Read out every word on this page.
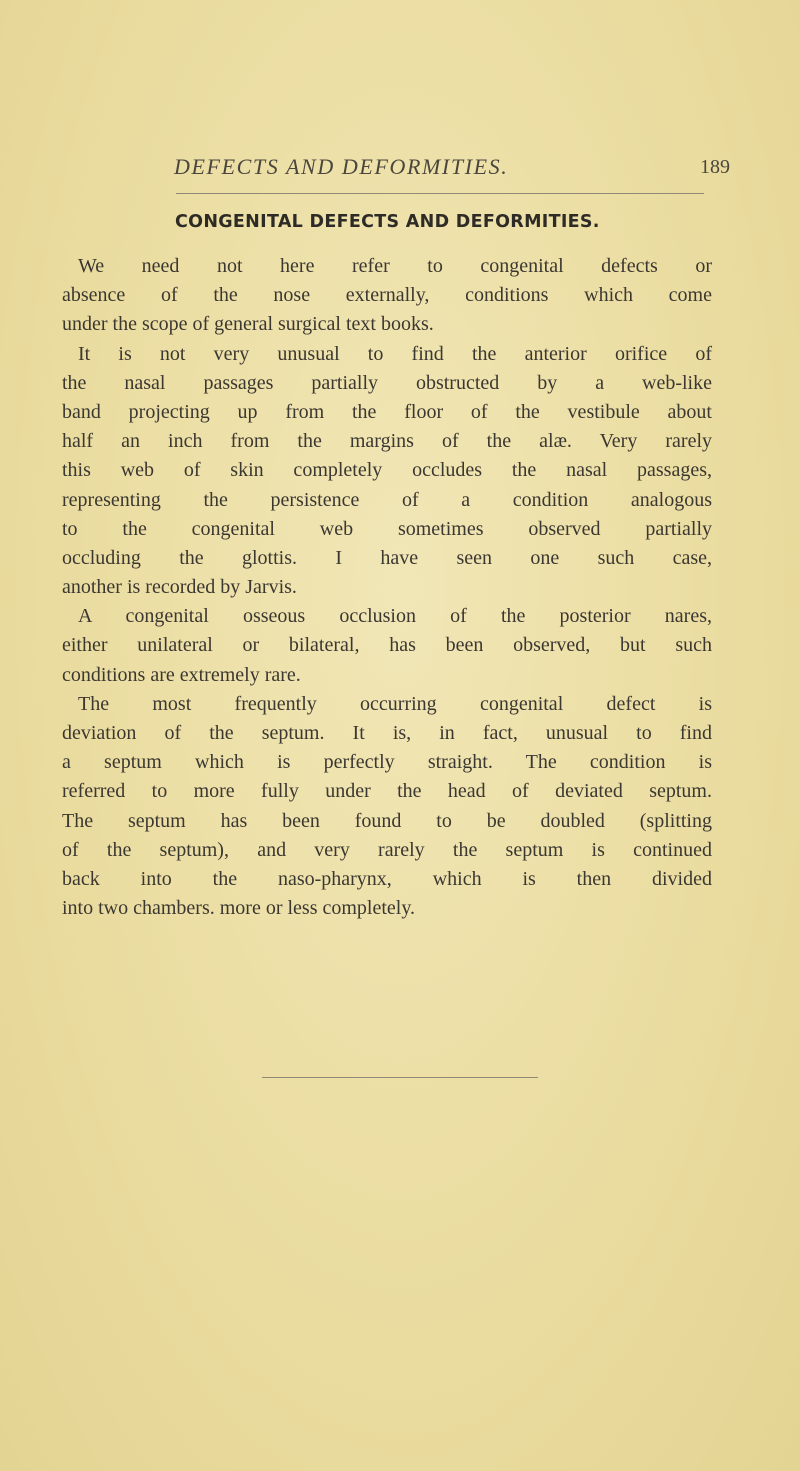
DEFECTS AND DEFORMITIES.	189
CONGENITAL DEFECTS AND DEFORMITIES.
We need not here refer to congenital defects or
absence of the nose externally, conditions which come
under the scope of general surgical text books.
It is not very unusual to find the anterior orifice of
the nasal passages partially obstructed by a web-like
band projecting up from the floor of the vestibule about
half an inch from the margins of the alæ. Very rarely
this web of skin completely occludes the nasal passages,
representing the persistence of a condition analogous
to the congenital web sometimes observed partially
occluding the glottis. I have seen one such case,
another is recorded by Jarvis.
A congenital osseous occlusion of the posterior nares,
either unilateral or bilateral, has been observed, but such
conditions are extremely rare.
The most frequently occurring congenital defect is
deviation of the septum. It is, in fact, unusual to find
a septum which is perfectly straight. The condition is
referred to more fully under the head of deviated septum.
The septum has been found to be doubled (splitting
of the septum), and very rarely the septum is continued
back into the naso-pharynx, which is then divided
into two chambers. more or less completely.
